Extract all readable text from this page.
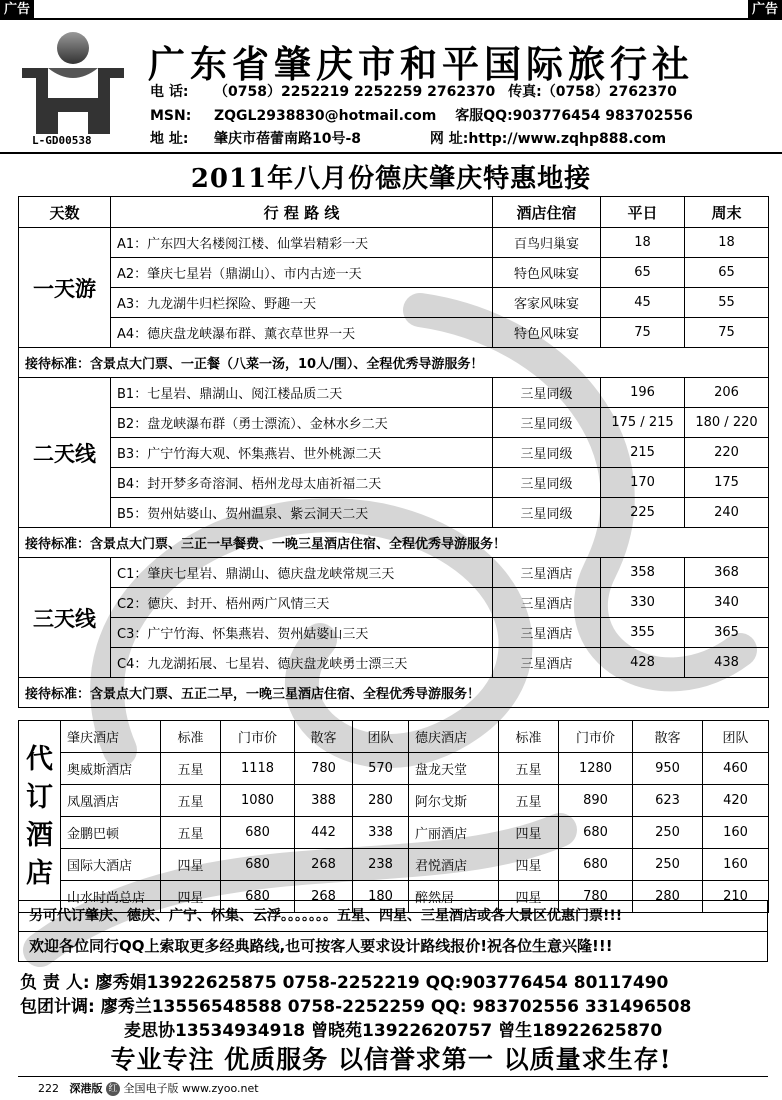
广告	广告
L-GD00538
广东省肇庆市和平国际旅行社
电 话: （0758）2252219 2252259 2762370 传真:（0758）2762370
MSN: ZQGL2938830@hotmail.com 客服QQ:903776454 983702556
地 址: 肇庆市蓓蕾南路10号-8	网 址:http://www.zqhp888.com
2011年八月份德庆肇庆特惠地接
天数	行 程 路 线	酒店住宿	平日	周末
一天游	A1：广东四大名楼阅江楼、仙掌岩精彩一天	百鸟归巢宴	18	18
	A2：肇庆七星岩（鼎湖山）、市内古迹一天	特色风味宴	65	65
	A3：九龙湖牛归栏探险、野趣一天	客家风味宴	45	55
	A4：德庆盘龙峡瀑布群、薰衣草世界一天	特色风味宴	75	75
接待标准：含景点大门票、一正餐（八菜一汤，10人/围）、全程优秀导游服务！				
二天线	B1：七星岩、鼎湖山、阅江楼品质二天	三星同级	196	206
	B2：盘龙峡瀑布群（勇士漂流）、金林水乡二天	三星同级	175 / 215	180 / 220
	B3：广宁竹海大观、怀集燕岩、世外桃源二天	三星同级	215	220
	B4：封开梦多奇溶洞、梧州龙母太庙祈福二天	三星同级	170	175
	B5：贺州姑婆山、贺州温泉、紫云洞天二天	三星同级	225	240
接待标准：含景点大门票、三正一早餐费、一晚三星酒店住宿、全程优秀导游服务！				
三天线	C1：肇庆七星岩、鼎湖山、德庆盘龙峡常规三天	三星酒店	358	368
	C2：德庆、封开、梧州两广风情三天	三星酒店	330	340
	C3：广宁竹海、怀集燕岩、贺州姑婆山三天	三星酒店	355	365
	C4：九龙湖拓展、七星岩、德庆盘龙峡勇士漂三天	三星酒店	428	438
接待标准：含景点大门票、五正二早，一晚三星酒店住宿、全程优秀导游服务！				
代
订
酒
店	肇庆酒店	标准	门市价	散客	团队	德庆酒店	标准	门市价	散客	团队
	奥威斯酒店	五星	1118	780	570	盘龙天堂	五星	1280	950	460
	凤凰酒店	五星	1080	388	280	阿尔戈斯	五星	890	623	420
	金鹏巴顿	五星	680	442	338	广丽酒店	四星	680	250	160
	国际大酒店	四星	680	268	238	君悦酒店	四星	680	250	160
	山水时尚总店	四星	680	268	180	醉然居	四星	780	280	210
另可代订肇庆、德庆、广宁、怀集、云浮。。。。。。。五星、四星、三星酒店或各大景区优惠门票!!!
欢迎各位同行QQ上索取更多经典路线,也可按客人要求设计路线报价!祝各位生意兴隆!!!
负 责 人: 廖秀娟13922625875 0758-2252219 QQ:903776454 80117490
包团计调: 廖秀兰13556548588 0758-2252259 QQ: 983702556 331496508
麦思协13534934918 曾晓苑13922620757 曾生18922625870
专业专注 优质服务 以信誉求第一 以质量求生存!
222 深港版 红 全国电子版 www.zyoo.net
